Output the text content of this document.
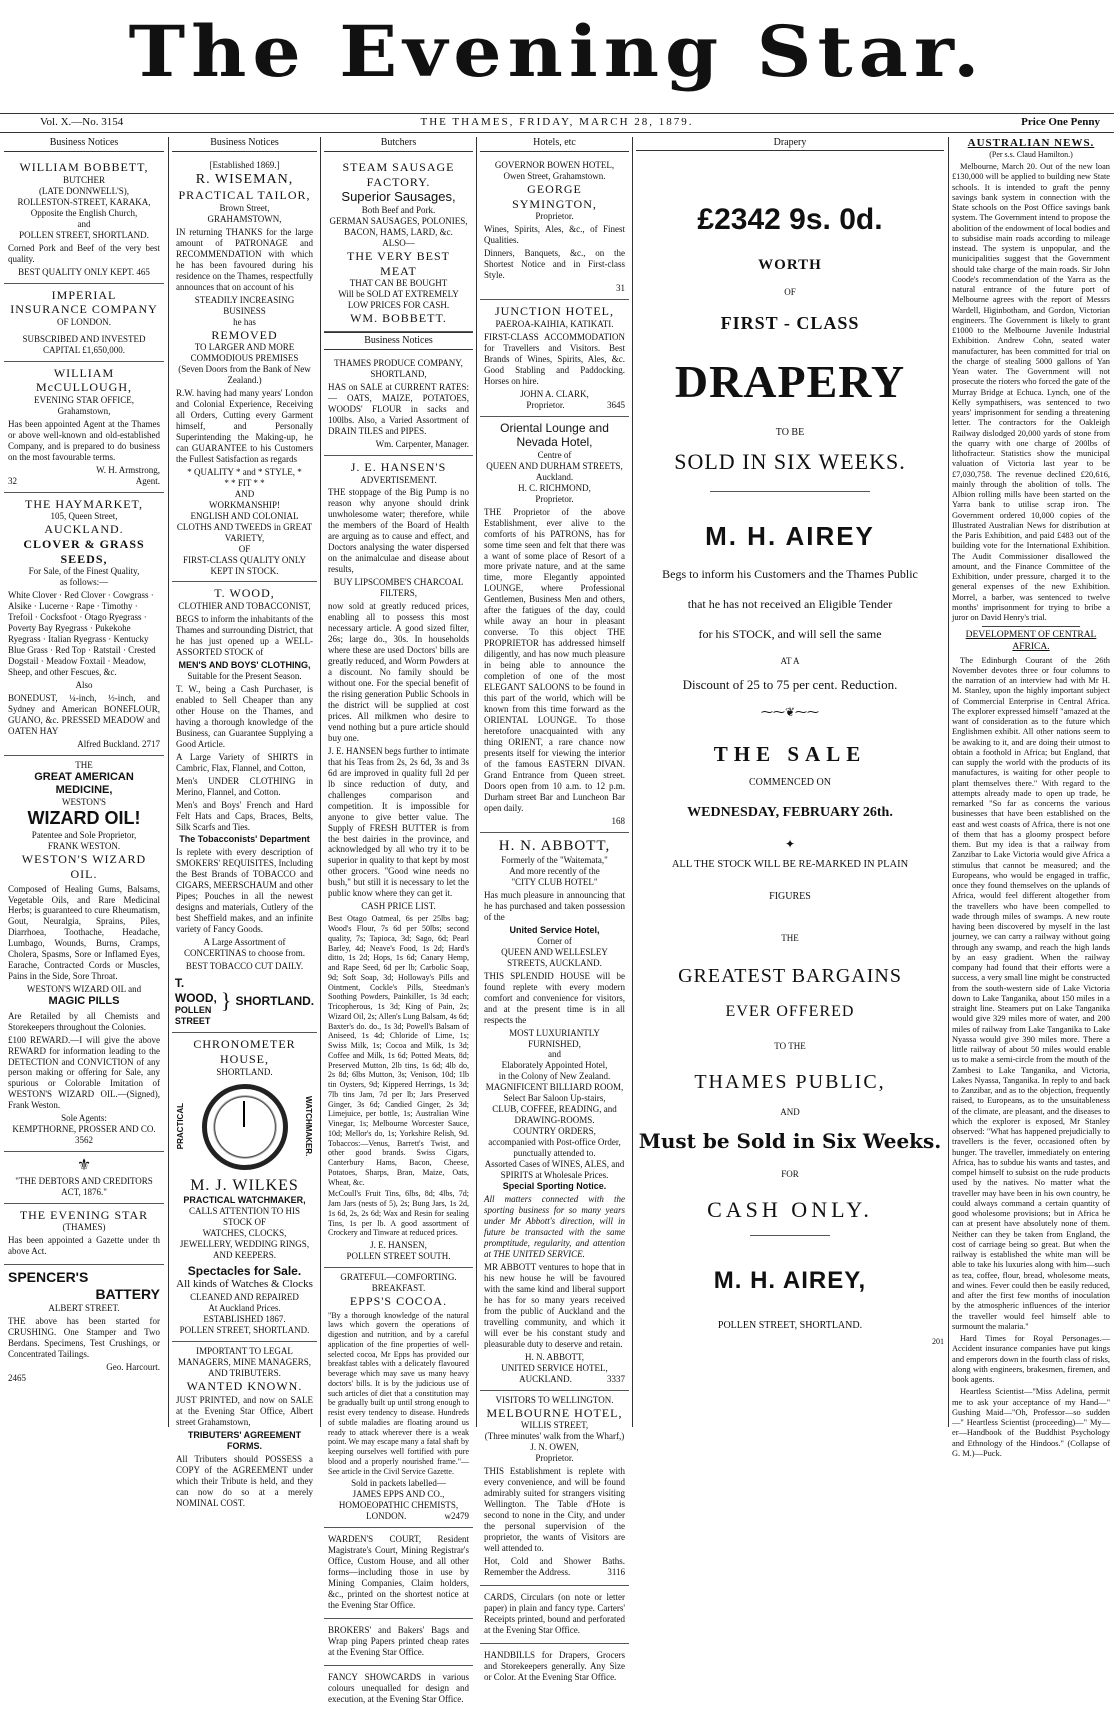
The Evening Star.
Vol. X.—No. 3154	THE THAMES, FRIDAY, MARCH 28, 1879.	Price One Penny
Business Notices
WILLIAM BOBBETT,
BUTCHER
(LATE DONNWELL'S),
ROLLESTON-STREET, KARAKA,
Opposite the English Church,
and
POLLEN STREET, SHORTLAND.

Corned Pork and Beef of the very best quality.

BEST QUALITY ONLY KEPT. 465
IMPERIAL
INSURANCE COMPANY
OF LONDON.
SUBSCRIBED AND INVESTED
CAPITAL £1,650,000.
WILLIAM McCULLOUGH,
EVENING STAR OFFICE,
Grahamstown,

Has been appointed Agent at the Thames or above well-known and old-established Company, and is prepared to do business on the most favourable terms.

W. H. Armstrong,
32	Agent.
THE HAYMARKET,
105, Queen Street,
AUCKLAND.
CLOVER & GRASS SEEDS,
For Sale, of the Finest Quality,
as follows:—

White Clover · Red Clover · Cowgrass · Alsike · Lucerne · Rape · Timothy · Trefoil · Cocksfoot · Otago Ryegrass · Poverty Bay Ryegrass · Pukekohe Ryegrass · Italian Ryegrass · Kentucky Blue Grass · Red Top · Ratstail · Crested Dogstail · Meadow Foxtail · Meadow, Sheep, and other Fescues, &c.

Also

BONEDUST, ¼-inch, ½-inch, and Sydney and American BONEFLOUR, GUANO, &c. PRESSED MEADOW and OATEN HAY

Alfred Buckland. 2717
THE
GREAT AMERICAN MEDICINE,
WESTON'S
WIZARD OIL!
Patentee and Sole Proprietor,
FRANK WESTON.
WESTON'S WIZARD OIL.

Composed of Healing Gums, Balsams, Vegetable Oils, and Rare Medicinal Herbs; is guaranteed to cure Rheumatism, Gout, Neuralgia, Sprains, Piles, Diarrhoea, Toothache, Headache, Lumbago, Wounds, Burns, Cramps, Cholera, Spasms, Sore or Inflamed Eyes, Earache, Contracted Cords or Muscles, Pains in the Side, Sore Throat.

WESTON'S WIZARD OIL and
MAGIC PILLS

Are Retailed by all Chemists and Storekeepers throughout the Colonies.

£100 REWARD.—I will give the above REWARD for information leading to the DETECTION and CONVICTION of any person making or offering for Sale, any spurious or Colorable Imitation of WESTON'S WIZARD OIL.—(Signed), Frank Weston.

Sole Agents:
KEMPTHORNE, PROSSER AND CO. 3562
⚜
"THE DEBTORS AND CREDITORS
ACT, 1876."
THE EVENING STAR
(THAMES)

Has been appointed a Gazette under th above Act.

SPENCER'S
BATTERY
ALBERT STREET.

THE above has been started for CRUSHING. One Stamper and Two Berdans. Specimens, Test Crushings, or Concentrated Tailings.

Geo. Harcourt.
2465
Business Notices
[Established 1869.]
R. WISEMAN,
PRACTICAL TAILOR,
Brown Street,
GRAHAMSTOWN,

IN returning THANKS for the large amount of PATRONAGE and RECOMMENDATION with which he has been favoured during his residence on the Thames, respectfully announces that on account of his

STEADILY INCREASING BUSINESS
he has
REMOVED
TO LARGER AND MORE COMMODIOUS PREMISES
(Seven Doors from the Bank of New Zealand.)

R.W. having had many years' London and Colonial Experience, Receiving all Orders, Cutting every Garment himself, and Personally Superintending the Making-up, he can GUARANTEE to his Customers the Fullest Satisfaction as regards

* QUALITY * and * STYLE, *
* * FIT * *
AND
WORKMANSHIP!
ENGLISH AND COLONIAL CLOTHS AND TWEEDS in GREAT VARIETY,
OF
FIRST-CLASS QUALITY ONLY KEPT IN STOCK.
T. WOOD,
CLOTHIER AND TOBACCONIST,

BEGS to inform the inhabitants of the Thames and surrounding District, that he has just opened up a WELL-ASSORTED STOCK of

MEN'S AND BOYS' CLOTHING,
Suitable for the Present Season.

T. W., being a Cash Purchaser, is enabled to Sell Cheaper than any other House on the Thames, and having a thorough knowledge of the Business, can Guarantee Supplying a Good Article.

A Large Variety of SHIRTS in Cambric, Flax, Flannel, and Cotton,

Men's UNDER CLOTHING in Merino, Flannel, and Cotton.

Men's and Boys' French and Hard Felt Hats and Caps, Braces, Belts, Silk Scarfs and Ties.

The Tobacconists' Department

Is replete with every description of SMOKERS' REQUISITES, Including the Best Brands of TOBACCO and CIGARS, MEERSCHAUM and other Pipes; Pouches in all the newest designs and materials, Cutlery of the best Sheffield makes, and an infinite variety of Fancy Goods.

A Large Assortment of CONCERTINAS to choose from.

BEST TOBACCO CUT DAILY.
T. WOOD,
POLLEN STREET
} SHORTLAND.
CHRONOMETER HOUSE,
SHORTLAND.
PRACTICAL	WATCHMAKER.
M. J. WILKES
PRACTICAL WATCHMAKER,
CALLS ATTENTION TO HIS STOCK OF
WATCHES, CLOCKS, JEWELLERY, WEDDING RINGS, AND KEEPERS.
Spectacles for Sale.
All kinds of Watches & Clocks
CLEANED AND REPAIRED
At Auckland Prices.
ESTABLISHED 1867.
POLLEN STREET, SHORTLAND.
IMPORTANT TO LEGAL MANAGERS, MINE MANAGERS, AND TRIBUTERS.
WANTED KNOWN.

JUST PRINTED, and now on SALE at the Evening Star Office, Albert street Grahamstown,

TRIBUTERS' AGREEMENT FORMS.

All Tributers should POSSESS a COPY of the AGREEMENT under which their Tribute is held, and they can now do so at a merely NOMINAL COST.

Butchers
STEAM SAUSAGE FACTORY.
Superior Sausages,
Both Beef and Pork.
GERMAN SAUSAGES, POLONIES,
BACON, HAMS, LARD, &c.
ALSO—
THE VERY BEST MEAT
THAT CAN BE BOUGHT
Will be SOLD AT EXTREMELY LOW PRICES FOR CASH.
WM. BOBBETT.
Business Notices
THAMES PRODUCE COMPANY,
SHORTLAND,

HAS on SALE at CURRENT RATES:— OATS, MAIZE, POTATOES, WOODS' FLOUR in sacks and 100lbs. Also, a Varied Assortment of DRAIN TILES and PIPES.

Wm. Carpenter, Manager.
J. E. HANSEN'S
ADVERTISEMENT.

THE stoppage of the Big Pump is no reason why anyone should drink unwholesome water; therefore, while the members of the Board of Health are arguing as to cause and effect, and Doctors analysing the water dispersed on the animalculae and disease about results,

BUY LIPSCOMBE'S CHARCOAL FILTERS,

now sold at greatly reduced prices, enabling all to possess this most necessary article. A good sized filter, 26s; large do., 30s. In households where these are used Doctors' bills are greatly reduced, and Worm Powders at a discount. No family should be without one. For the special benefit of the rising generation Public Schools in the district will be supplied at cost prices. All milkmen who desire to vend nothing but a pure article should buy one.

J. E. HANSEN begs further to intimate that his Teas from 2s, 2s 6d, 3s and 3s 6d are improved in quality full 2d per lb since reduction of duty, and challenges comparison and competition. It is impossible for anyone to give better value. The Supply of FRESH BUTTER is from the best dairies in the province, and acknowledged by all who try it to be superior in quality to that kept by most other grocers. "Good wine needs no bush," but still it is necessary to let the public know where they can get it.

CASH PRICE LIST.

Best Otago Oatmeal, 6s per 25lbs bag; Wood's Flour, 7s 6d per 50lbs; second quality, 7s; Tapioca, 3d; Sago, 6d; Pearl Barley, 4d; Neave's Food, 1s 2d; Hard's ditto, 1s 2d; Hops, 1s 6d; Canary Hemp, and Rape Seed, 6d per lb; Carbolic Soap, 9d; Soft Soap, 3d; Holloway's Pills and Ointment, Cockle's Pills, Steedman's Soothing Powders, Painkiller, 1s 3d each; Tricopherous, 1s 3d; King of Pain, 2s; Wizard Oil, 2s; Allen's Lung Balsam, 4s 6d; Baxter's do. do., 1s 3d; Powell's Balsam of Aniseed, 1s 4d; Chloride of Lime, 1s; Swiss Milk, 1s; Cocoa and Milk, 1s 3d; Coffee and Milk, 1s 6d; Potted Meats, 8d; Preserved Mutton, 2lb tins, 1s 6d; 4lb do, 2s 8d; 6lbs Mutton, 3s; Venison, 10d; 1lb tin Oysters, 9d; Kippered Herrings, 1s 3d; 7lb tins Jam, 7d per lb; Jars Preserved Ginger, 3s 6d; Candied Ginger, 2s 3d; Limejuice, per bottle, 1s; Australian Wine Vinegar, 1s; Melbourne Worcester Sauce, 10d; Mellor's do, 1s; Yorkshire Relish, 9d. Tobaccos:—Venus, Barrett's Twist, and other good brands. Swiss Cigars, Canterbury Hams, Bacon, Cheese, Potatoes, Sharps, Bran, Maize, Oats, Wheat, &c.

McCoull's Fruit Tins, 6lbs, 8d; 4lbs, 7d; Jam Jars (nests of 5), 2s; Bung Jars, 1s 2d, 1s 6d, 2s, 2s 6d; Wax and Resin for sealing Tins, 1s per lb. A good assortment of Crockery and Tinware at reduced prices.

J. E. HANSEN,
POLLEN STREET SOUTH.
GRATEFUL—COMFORTING.
BREAKFAST.
EPPS'S COCOA.

"By a thorough knowledge of the natural laws which govern the operations of digestion and nutrition, and by a careful application of the fine properties of well-selected cocoa, Mr Epps has provided our breakfast tables with a delicately flavoured beverage which may save us many heavy doctors' bills. It is by the judicious use of such articles of diet that a constitution may be gradually built up until strong enough to resist every tendency to disease. Hundreds of subtle maladies are floating around us ready to attack wherever there is a weak point. We may escape many a fatal shaft by keeping ourselves well fortified with pure blood and a properly nourished frame."—See article in the Civil Service Gazette.

Sold in packets labelled—
JAMES EPPS AND CO.,
HOMOEOPATHIC CHEMISTS,
LONDON.	w2479

WARDEN'S COURT, Resident Magistrate's Court, Mining Registrar's Office, Custom House, and all other forms—including those in use by Mining Companies, Claim holders, &c., printed on the shortest notice at the Evening Star Office.

BROKERS' and Bakers' Bags and Wrap ping Papers printed cheap rates at the Evening Star Office.

FANCY SHOWCARDS in various colours unequalled for design and execution, at the Evening Star Office.

Hotels, etc
GOVERNOR BOWEN HOTEL,
Owen Street, Grahamstown.
GEORGE SYMINGTON,
Proprietor.

Wines, Spirits, Ales, &c., of Finest Qualities.

Dinners, Banquets, &c., on the Shortest Notice and in First-class Style.

31
JUNCTION HOTEL,
PAEROA-KAIHIA, KATIKATI.

FIRST-CLASS ACCOMMODATION for Travellers and Visitors. Best Brands of Wines, Spirits, Ales, &c. Good Stabling and Paddocking. Horses on hire.

JOHN A. CLARK,
Proprietor.	3645
Oriental Lounge and
Nevada Hotel,
Centre of
QUEEN AND DURHAM STREETS,
Auckland.
H. C. RICHMOND,
Proprietor.

THE Proprietor of the above Establishment, ever alive to the comforts of his PATRONS, has for some time seen and felt that there was a want of some place of Resort of a more private nature, and at the same time, more Elegantly appointed LOUNGE, where Professional Gentlemen, Business Men and others, after the fatigues of the day, could while away an hour in pleasant converse. To this object THE PROPRIETOR has addressed himself diligently, and has now much pleasure in being able to announce the completion of one of the most ELEGANT SALOONS to be found in this part of the world, which will be known from this time forward as the ORIENTAL LOUNGE. To those heretofore unacquainted with any thing ORIENT, a rare chance now presents itself for viewing the interior of the famous EASTERN DIVAN. Grand Entrance from Queen street. Doors open from 10 a.m. to 12 p.m. Durham street Bar and Luncheon Bar open daily.

168
H. N. ABBOTT,
Formerly of the "Waitemata,"
And more recently of the
"CITY CLUB HOTEL"

Has much pleasure in announcing that he has purchased and taken possession of the

United Service Hotel,
Corner of
QUEEN AND WELLESLEY STREETS, AUCKLAND.

THIS SPLENDID HOUSE will be found replete with every modern comfort and convenience for visitors, and at the present time is in all respects the

MOST LUXURIANTLY FURNISHED,
and
Elaborately Appointed Hotel,
in the Colony of New Zealand.
MAGNIFICENT BILLIARD ROOM,
Select Bar Saloon Up-stairs,
CLUB, COFFEE, READING, and DRAWING-ROOMS.
COUNTRY ORDERS,
accompanied with Post-office Order, punctually attended to.
Assorted Cases of WINES, ALES, and SPIRITS at Wholesale Prices.
Special Sporting Notice.

All matters connected with the sporting business for so many years under Mr Abbott's direction, will in future be transacted with the same promptitude, regularity, and attention at THE UNITED SERVICE.

MR ABBOTT ventures to hope that in his new house he will be favoured with the same kind and liberal support he has for so many years received from the public of Auckland and the travelling community, and which it will ever be his constant study and pleasurable duty to deserve and retain.

H. N. ABBOTT,
UNITED SERVICE HOTEL,
AUCKLAND.	3337
VISITORS TO WELLINGTON.
MELBOURNE HOTEL,
WILLIS STREET,
(Three minutes' walk from the Wharf,)
J. N. OWEN,
Proprietor.

THIS Establishment is replete with every convenience, and will be found admirably suited for strangers visiting Wellington. The Table d'Hote is second to none in the City, and under the personal supervision of the proprietor, the wants of Visitors are well attended to.

Hot, Cold and Shower Baths. Remember the Address.	3116

CARDS, Circulars (on note or letter paper) in plain and fancy type. Carters' Receipts printed, bound and perforated at the Evening Star Office.

HANDBILLS for Drapers, Grocers and Storekeepers generally. Any Size or Color. At the Evening Star Office.

Drapery
£2342 9s. 0d.
WORTH
OF
FIRST - CLASS
DRAPERY
TO BE
SOLD IN SIX WEEKS.
M. H. AIREY
Begs to inform his Customers and the Thames Public
that he has not received an Eligible Tender
for his STOCK, and will sell the same
AT A
Discount of 25 to 75 per cent. Reduction.
⁓⁓❦⁓⁓
THE SALE
COMMENCED ON
WEDNESDAY, FEBRUARY 26th.
✦
ALL THE STOCK WILL BE RE-MARKED IN PLAIN
FIGURES
THE
GREATEST BARGAINS
EVER OFFERED
TO THE
THAMES PUBLIC,
AND
Must be Sold in Six Weeks.
FOR
CASH ONLY.
M. H. AIREY,
POLLEN STREET, SHORTLAND.
201
AUSTRALIAN NEWS.
(Per s.s. Claud Hamilton.)

Melbourne, March 20. Out of the new loan £130,000 will be applied to building new State schools. It is intended to graft the penny savings bank system in connection with the State schools on the Post Office savings bank system. The Government intend to propose the abolition of the endowment of local bodies and to subsidise main roads according to mileage instead. The system is unpopular, and the municipalities suggest that the Government should take charge of the main roads. Sir John Coode's recommendation of the Yarra as the natural entrance of the future port of Melbourne agrees with the report of Messrs Wardell, Higinbotham, and Gordon, Victorian engineers. The Government is likely to grant £1000 to the Melbourne Juvenile Industrial Exhibition. Andrew Cohn, seated water manufacturer, has been committed for trial on the charge of stealing 5000 gallons of Yan Yean water. The Government will not prosecute the rioters who forced the gate of the Murray Bridge at Echuca. Lynch, one of the Kelly sympathisers, was sentenced to two years' imprisonment for sending a threatening letter. The contractors for the Oakleigh Railway dislodged 20,000 yards of stone from the quarry with one charge of 200lbs of lithofracteur. Statistics show the municipal valuation of Victoria last year to be £7,030,758. The revenue declined £20,616, mainly through the abolition of tolls. The Albion rolling mills have been started on the Yarra bank to utilise scrap iron. The Government ordered 10,000 copies of the Illustrated Australian News for distribution at the Paris Exhibition, and paid £483 out of the building vote for the International Exhibition. The Audit Commissioner disallowed the amount, and the Finance Committee of the Exhibition, under pressure, charged it to the general expenses of the new Exhibition. Morrel, a barber, was sentenced to twelve months' imprisonment for trying to bribe a juror on David Henry's trial.

DEVELOPMENT OF CENTRAL AFRICA.

The Edinburgh Courant of the 26th November devotes three or four columns to the narration of an interview had with Mr H. M. Stanley, upon the highly important subject of Commercial Enterprise in Central Africa. The explorer expressed himself "amazed at the want of consideration as to the future which Englishmen exhibit. All other nations seem to be awaking to it, and are doing their utmost to obtain a foothold in Africa; but England, that can supply the world with the products of its manufactures, is waiting for other people to plant themselves there." With regard to the attempts already made to open up trade, he remarked "So far as concerns the various businesses that have been established on the east and west coasts of Africa, there is not one of them that has a gloomy prospect before them. But my idea is that a railway from Zanzibar to Lake Victoria would give Africa a stimulus that cannot be measured; and the Europeans, who would be engaged in traffic, once they found themselves on the uplands of Africa, would feel different altogether from the travellers who have been compelled to wade through miles of swamps. A new route having been discovered by myself in the last journey, we can carry a railway without going through any swamp, and reach the high lands by an easy gradient. When the railway company had found that their efforts were a success, a very small line might be constructed from the south-western side of Lake Victoria down to Lake Tanganika, about 150 miles in a straight line. Steamers put on Lake Tanganika would give 329 miles more of water, and 200 miles of railway from Lake Tanganika to Lake Nyassa would give 390 miles more. There a little railway of about 50 miles would enable us to make a semi-circle from the mouth of the Zambesi to Lake Tanganika, and Victoria, Lakes Nyassa, Tanganika. In reply to and back to Zanzibar, and as to the objection, frequently raised, to Europeans, as to the unsuitableness of the climate, are pleasant, and the diseases to which the explorer is exposed, Mr Stanley observed: "What has happened prejudicially to travellers is the fever, occasioned often by hunger. The traveller, immediately on entering Africa, has to subdue his wants and tastes, and compel himself to subsist on the rude products used by the natives. No matter what the traveller may have been in his own country, he could always command a certain quantity of good wholesome provisions; but in Africa he can at present have absolutely none of them. Neither can they be taken from England, the cost of carriage being so great. But when the railway is established the white man will be able to take his luxuries along with him—such as tea, coffee, flour, bread, wholesome meats, and wines. Fever could then be easily reduced, and after the first few months of inoculation by the atmospheric influences of the interior the traveller would feel himself able to surmount the malaria."

Hard Times for Royal Personages.—Accident insurance companies have put kings and emperors down in the fourth class of risks, along with engineers, brakesmen, firemen, and book agents.

Heartless Scientist—"Miss Adelina, permit me to ask your acceptance of my Hand—" Gushing Maid—"Oh, Professor—so sudden—" Heartless Scientist (proceeding)—" My—er—Handbook of the Buddhist Psychology and Ethnology of the Hindoos." (Collapse of G. M.)—Puck.
